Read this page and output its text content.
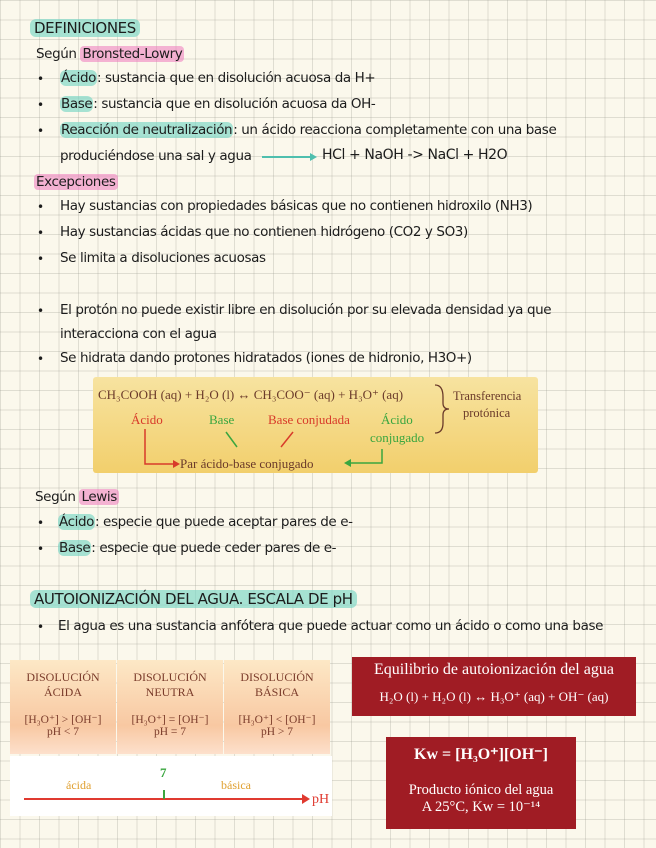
DEFINICIONES
Según Bronsted-Lowry
• Ácido: sustancia que en disolución acuosa da H+
• Base: sustancia que en disolución acuosa da OH-
• Reacción de neutralización: un ácido reacciona completamente con una base
produciéndose una sal y agua	HCl + NaOH -> NaCl + H2O
Excepciones
• Hay sustancias con propiedades básicas que no contienen hidroxilo (NH3)
• Hay sustancias ácidas que no contienen hidrógeno (CO2 y SO3)
• Se limita a disoluciones acuosas
• El protón no puede existir libre en disolución por su elevada densidad ya que
interacciona con el agua
• Se hidrata dando protones hidratados (iones de hidronio, H3O+)
CH₃COOH (aq) + H₂O (l) ↔ CH₃COO⁻ (aq) + H₃O⁺ (aq)
Ácido	Base	Base conjudada Ácido
conjugado
Par ácido-base conjugado
Transferencia
protónica
Según Lewis
• Ácido: especie que puede aceptar pares de e-
• Base: especie que puede ceder pares de e-
AUTOIONIZACIÓN DEL AGUA. ESCALA DE pH
• El agua es una sustancia anfótera que puede actuar como un ácido o como una base
DISOLUCIÓN
ÁCIDA
[H₃O⁺] > [OH⁻]
pH < 7
DISOLUCIÓN
NEUTRA
[H₃O⁺] = [OH⁻]
pH = 7
DISOLUCIÓN
BÁSICA
[H₃O⁺] < [OH⁻]
pH > 7
ácida
7
básica
pH
Equilibrio de autoionización del agua
H₂O (l) + H₂O (l) ↔ H₃O⁺ (aq) + OH⁻ (aq)
Kw = [H₃O⁺][OH⁻]
Producto iónico del agua
A 25°C, Kw = 10⁻¹⁴
